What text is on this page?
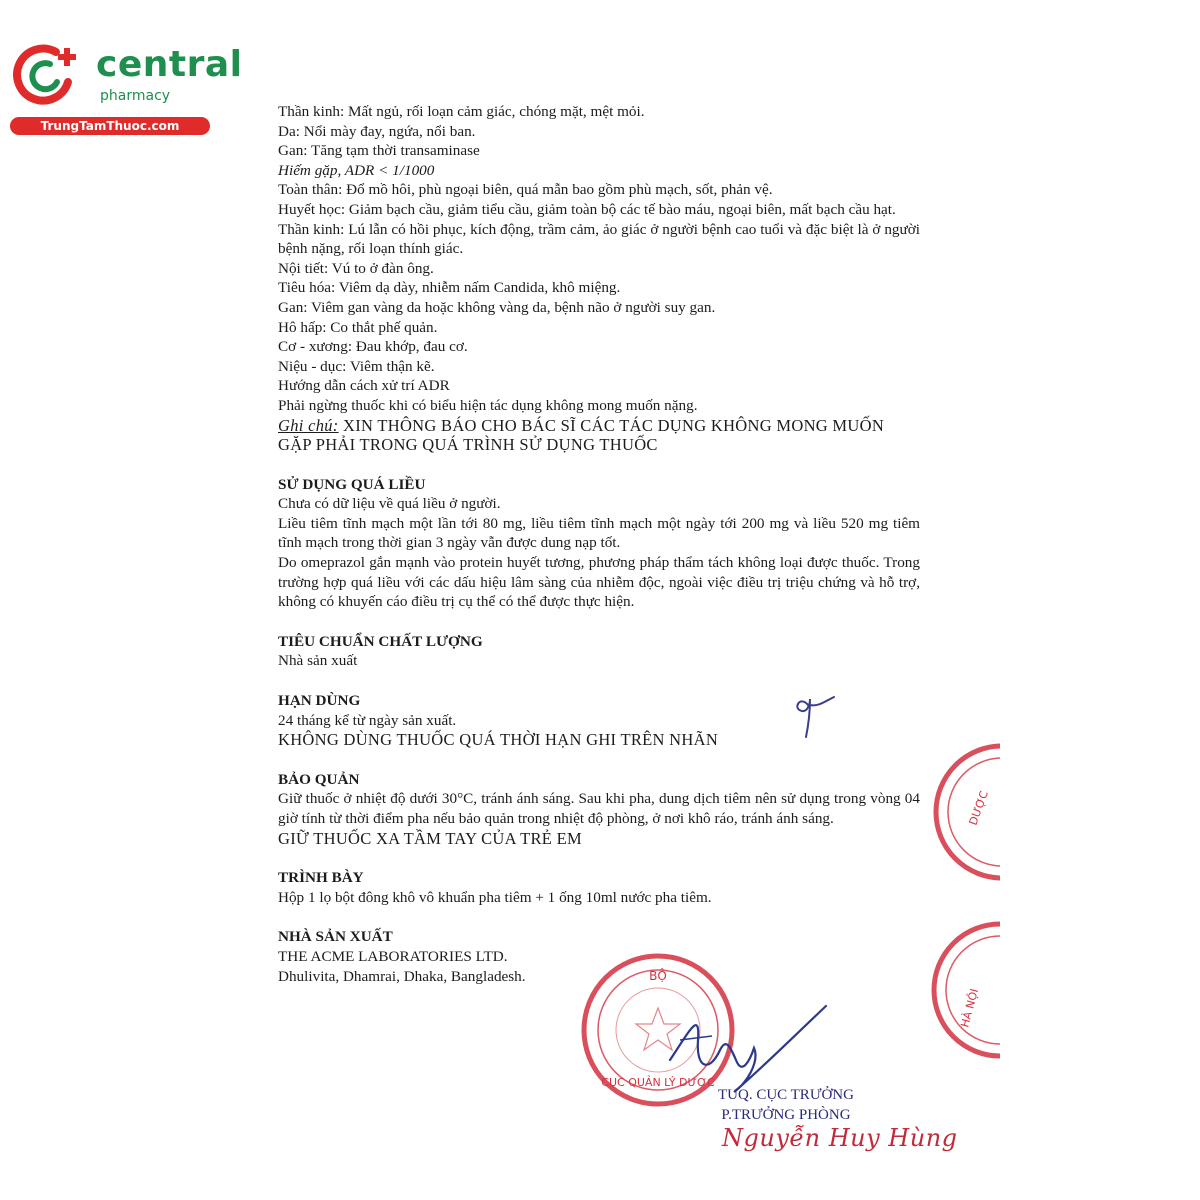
central
pharmacy
TrungTamThuoc.com
Thần kinh: Mất ngủ, rối loạn cảm giác, chóng mặt, mệt mỏi.
Da: Nổi mày đay, ngứa, nổi ban.
Gan: Tăng tạm thời transaminase
Hiếm gặp, ADR < 1/1000
Toàn thân: Đổ mồ hôi, phù ngoại biên, quá mẫn bao gồm phù mạch, sốt, phản vệ.
Huyết học: Giảm bạch cầu, giảm tiểu cầu, giảm toàn bộ các tế bào máu, ngoại biên, mất bạch cầu hạt.
Thần kinh: Lú lẫn có hồi phục, kích động, trầm cảm, ảo giác ở người bệnh cao tuổi và đặc biệt là ở người bệnh nặng, rối loạn thính giác.
Nội tiết: Vú to ở đàn ông.
Tiêu hóa: Viêm dạ dày, nhiễm nấm Candida, khô miệng.
Gan: Viêm gan vàng da hoặc không vàng da, bệnh não ở người suy gan.
Hô hấp: Co thắt phế quản.
Cơ - xương: Đau khớp, đau cơ.
Niệu - dục: Viêm thận kẽ.
Hướng dẫn cách xử trí ADR
Phải ngừng thuốc khi có biểu hiện tác dụng không mong muốn nặng.
Ghi chú: XIN THÔNG BÁO CHO BÁC SĨ CÁC TÁC DỤNG KHÔNG MONG MUỐN GẶP PHẢI TRONG QUÁ TRÌNH SỬ DỤNG THUỐC
SỬ DỤNG QUÁ LIỀU
Chưa có dữ liệu về quá liều ở người.
Liều tiêm tĩnh mạch một lần tới 80 mg, liều tiêm tĩnh mạch một ngày tới 200 mg và liều 520 mg tiêm tĩnh mạch trong thời gian 3 ngày vẫn được dung nạp tốt.
Do omeprazol gắn mạnh vào protein huyết tương, phương pháp thẩm tách không loại được thuốc. Trong trường hợp quá liều với các dấu hiệu lâm sàng của nhiễm độc, ngoài việc điều trị triệu chứng và hỗ trợ, không có khuyến cáo điều trị cụ thể có thể được thực hiện.
TIÊU CHUẨN CHẤT LƯỢNG
Nhà sản xuất
HẠN DÙNG
24 tháng kể từ ngày sản xuất.
KHÔNG DÙNG THUỐC QUÁ THỜI HẠN GHI TRÊN NHÃN
BẢO QUẢN
Giữ thuốc ở nhiệt độ dưới 30°C, tránh ánh sáng. Sau khi pha, dung dịch tiêm nên sử dụng trong vòng 04 giờ tính từ thời điểm pha nếu bảo quản trong nhiệt độ phòng, ở nơi khô ráo, tránh ánh sáng.
GIỮ THUỐC XA TẦM TAY CỦA TRẺ EM
TRÌNH BÀY
Hộp 1 lọ bột đông khô vô khuẩn pha tiêm + 1 ống 10ml nước pha tiêm.
NHÀ SẢN XUẤT
THE ACME LABORATORIES LTD.
Dhulivita, Dhamrai, Dhaka, Bangladesh.
DƯỢC
HÀ NỘI
BỘ
CỤC QUẢN LÝ DƯỢC
TUQ. CỤC TRƯỞNG
P.TRƯỞNG PHÒNG
Nguyễn Huy Hùng
